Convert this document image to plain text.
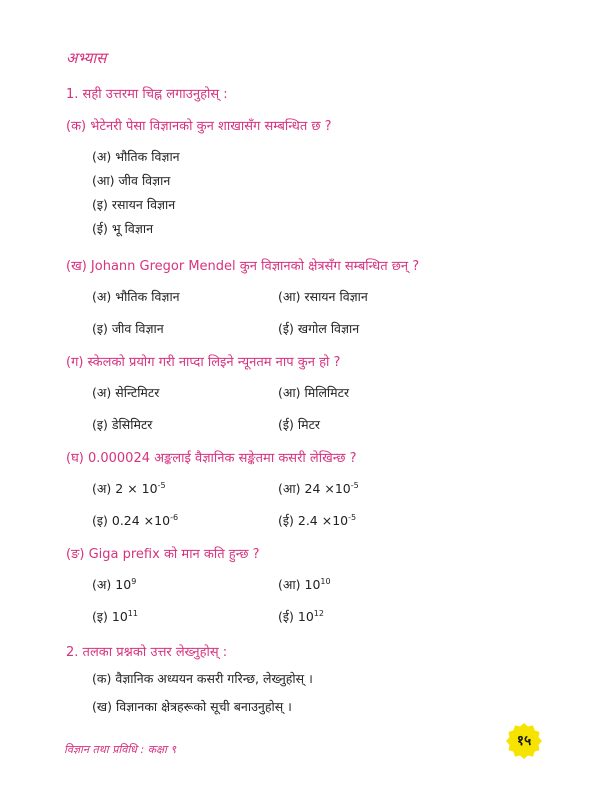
अभ्यास
1. सही उत्तरमा चिह्न लगाउनुहोस् :
(क) भेटेनरी पेसा विज्ञानको कुन शाखासँग सम्बन्धित छ ?
(अ) भौतिक विज्ञान
(आ) जीव विज्ञान
(इ) रसायन विज्ञान
(ई) भू विज्ञान
(ख) Johann Gregor Mendel कुन विज्ञानको क्षेत्रसँग सम्बन्धित छन् ?
(अ) भौतिक विज्ञान	(आ) रसायन विज्ञान
(इ) जीव विज्ञान	(ई) खगोल विज्ञान
(ग) स्केलको प्रयोग गरी नाप्दा लिइने न्यूनतम नाप कुन हो ?
(अ) सेन्टिमिटर	(आ) मिलिमिटर
(इ) डेसिमिटर	(ई) मिटर
(घ) 0.000024 अङ्कलाई वैज्ञानिक सङ्केतमा कसरी लेखिन्छ ?
(अ) $2 \times 10^{-5}$	(आ) $24 \times 10^{-5}$
(इ) $0.24 \times 10^{-6}$	(ई) $2.4 \times 10^{-5}$
(ङ) Giga prefix को मान कति हुन्छ ?
(अ) $10^9$	(आ) $10^{10}$
(इ) $10^{11}$	(ई) $10^{12}$
2. तलका प्रश्नको उत्तर लेख्नुहोस् :
(क) वैज्ञानिक अध्ययन कसरी गरिन्छ, लेख्नुहोस् ।
(ख) विज्ञानका क्षेत्रहरूको सूची बनाउनुहोस् ।
विज्ञान तथा प्रविधि : कक्षा ९
१५
